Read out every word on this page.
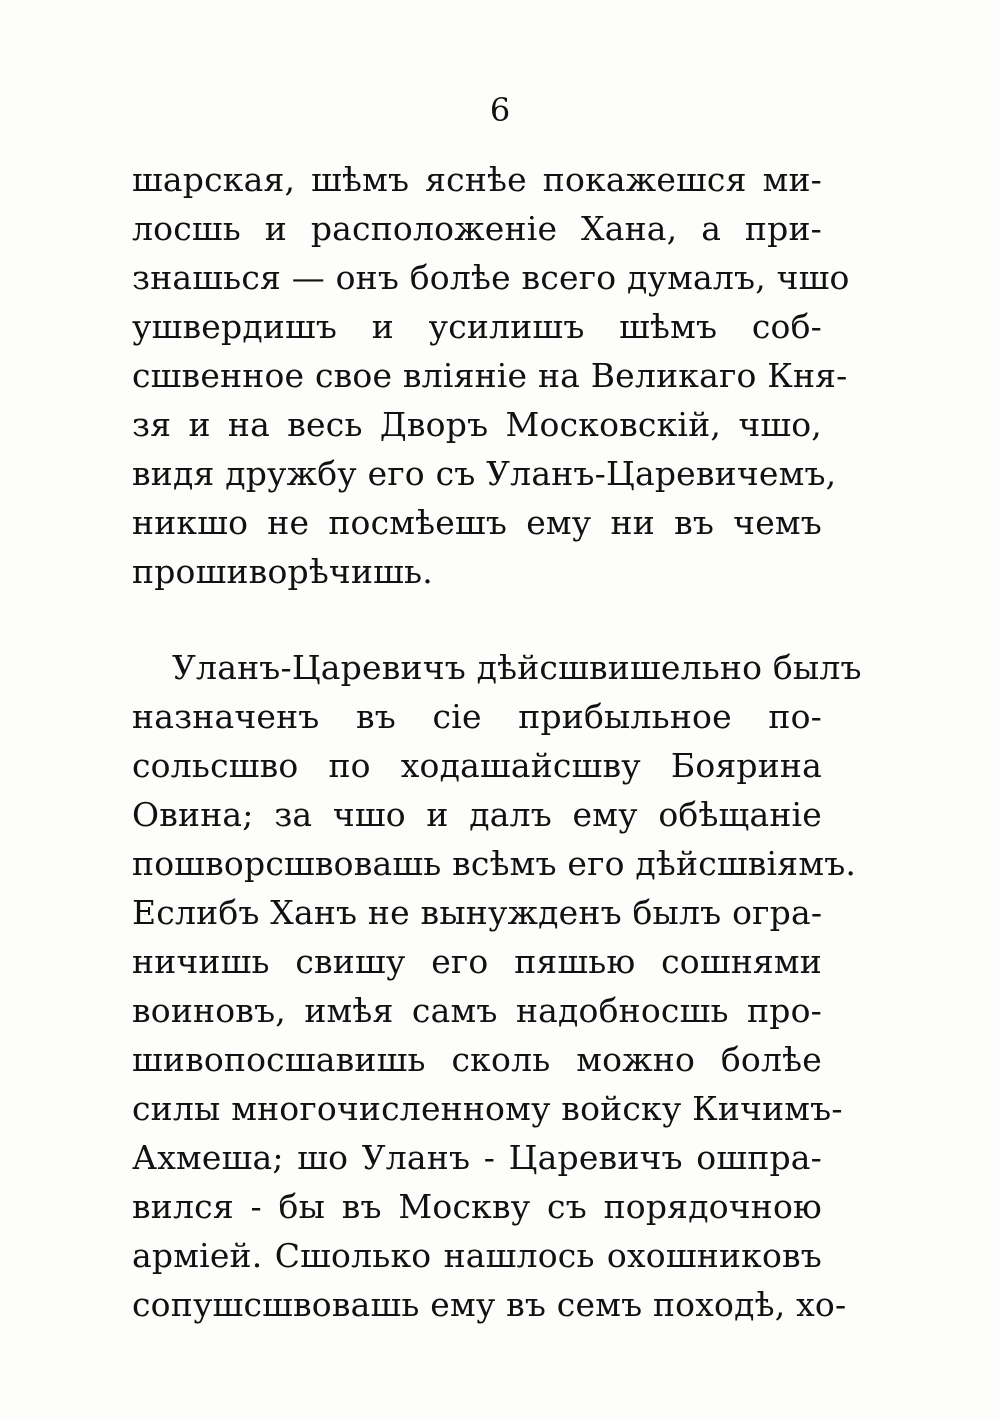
6
шарская, шѣмъ яснѣе покажешся ми-
лосшь и расположеніе Хана, а при-
знашься — онъ болѣе всего думалъ, чшо
ушвердишъ и усилишъ шѣмъ соб-
сшвенное свое вліяніе на Великаго Кня-
зя и на весь Дворъ Московскій, чшо,
видя дружбу его съ Уланъ-Царевичемъ,
никшо не посмѣешъ ему ни въ чемъ
прошиворѣчишь.
Уланъ-Царевичъ дѣйсшвишельно былъ
назначенъ въ сіе прибыльное по-
сольсшво по ходашайсшву Боярина
Овина; за чшо и далъ ему обѣщаніе
пошворсшвовашь всѣмъ его дѣйсшвіямъ.
Еслибъ Ханъ не вынужденъ былъ огра-
ничишь свишу его пяшью сошнями
воиновъ, имѣя самъ надобносшь про-
шивопосшавишь сколь можно болѣе
силы многочисленному войску Кичимъ-
Ахмеша; шо Уланъ - Царевичъ ошпра-
вился - бы въ Москву съ порядочною
арміей. Сшолько нашлось охошниковъ
сопушсшвовашь ему въ семъ походѣ, хо-
